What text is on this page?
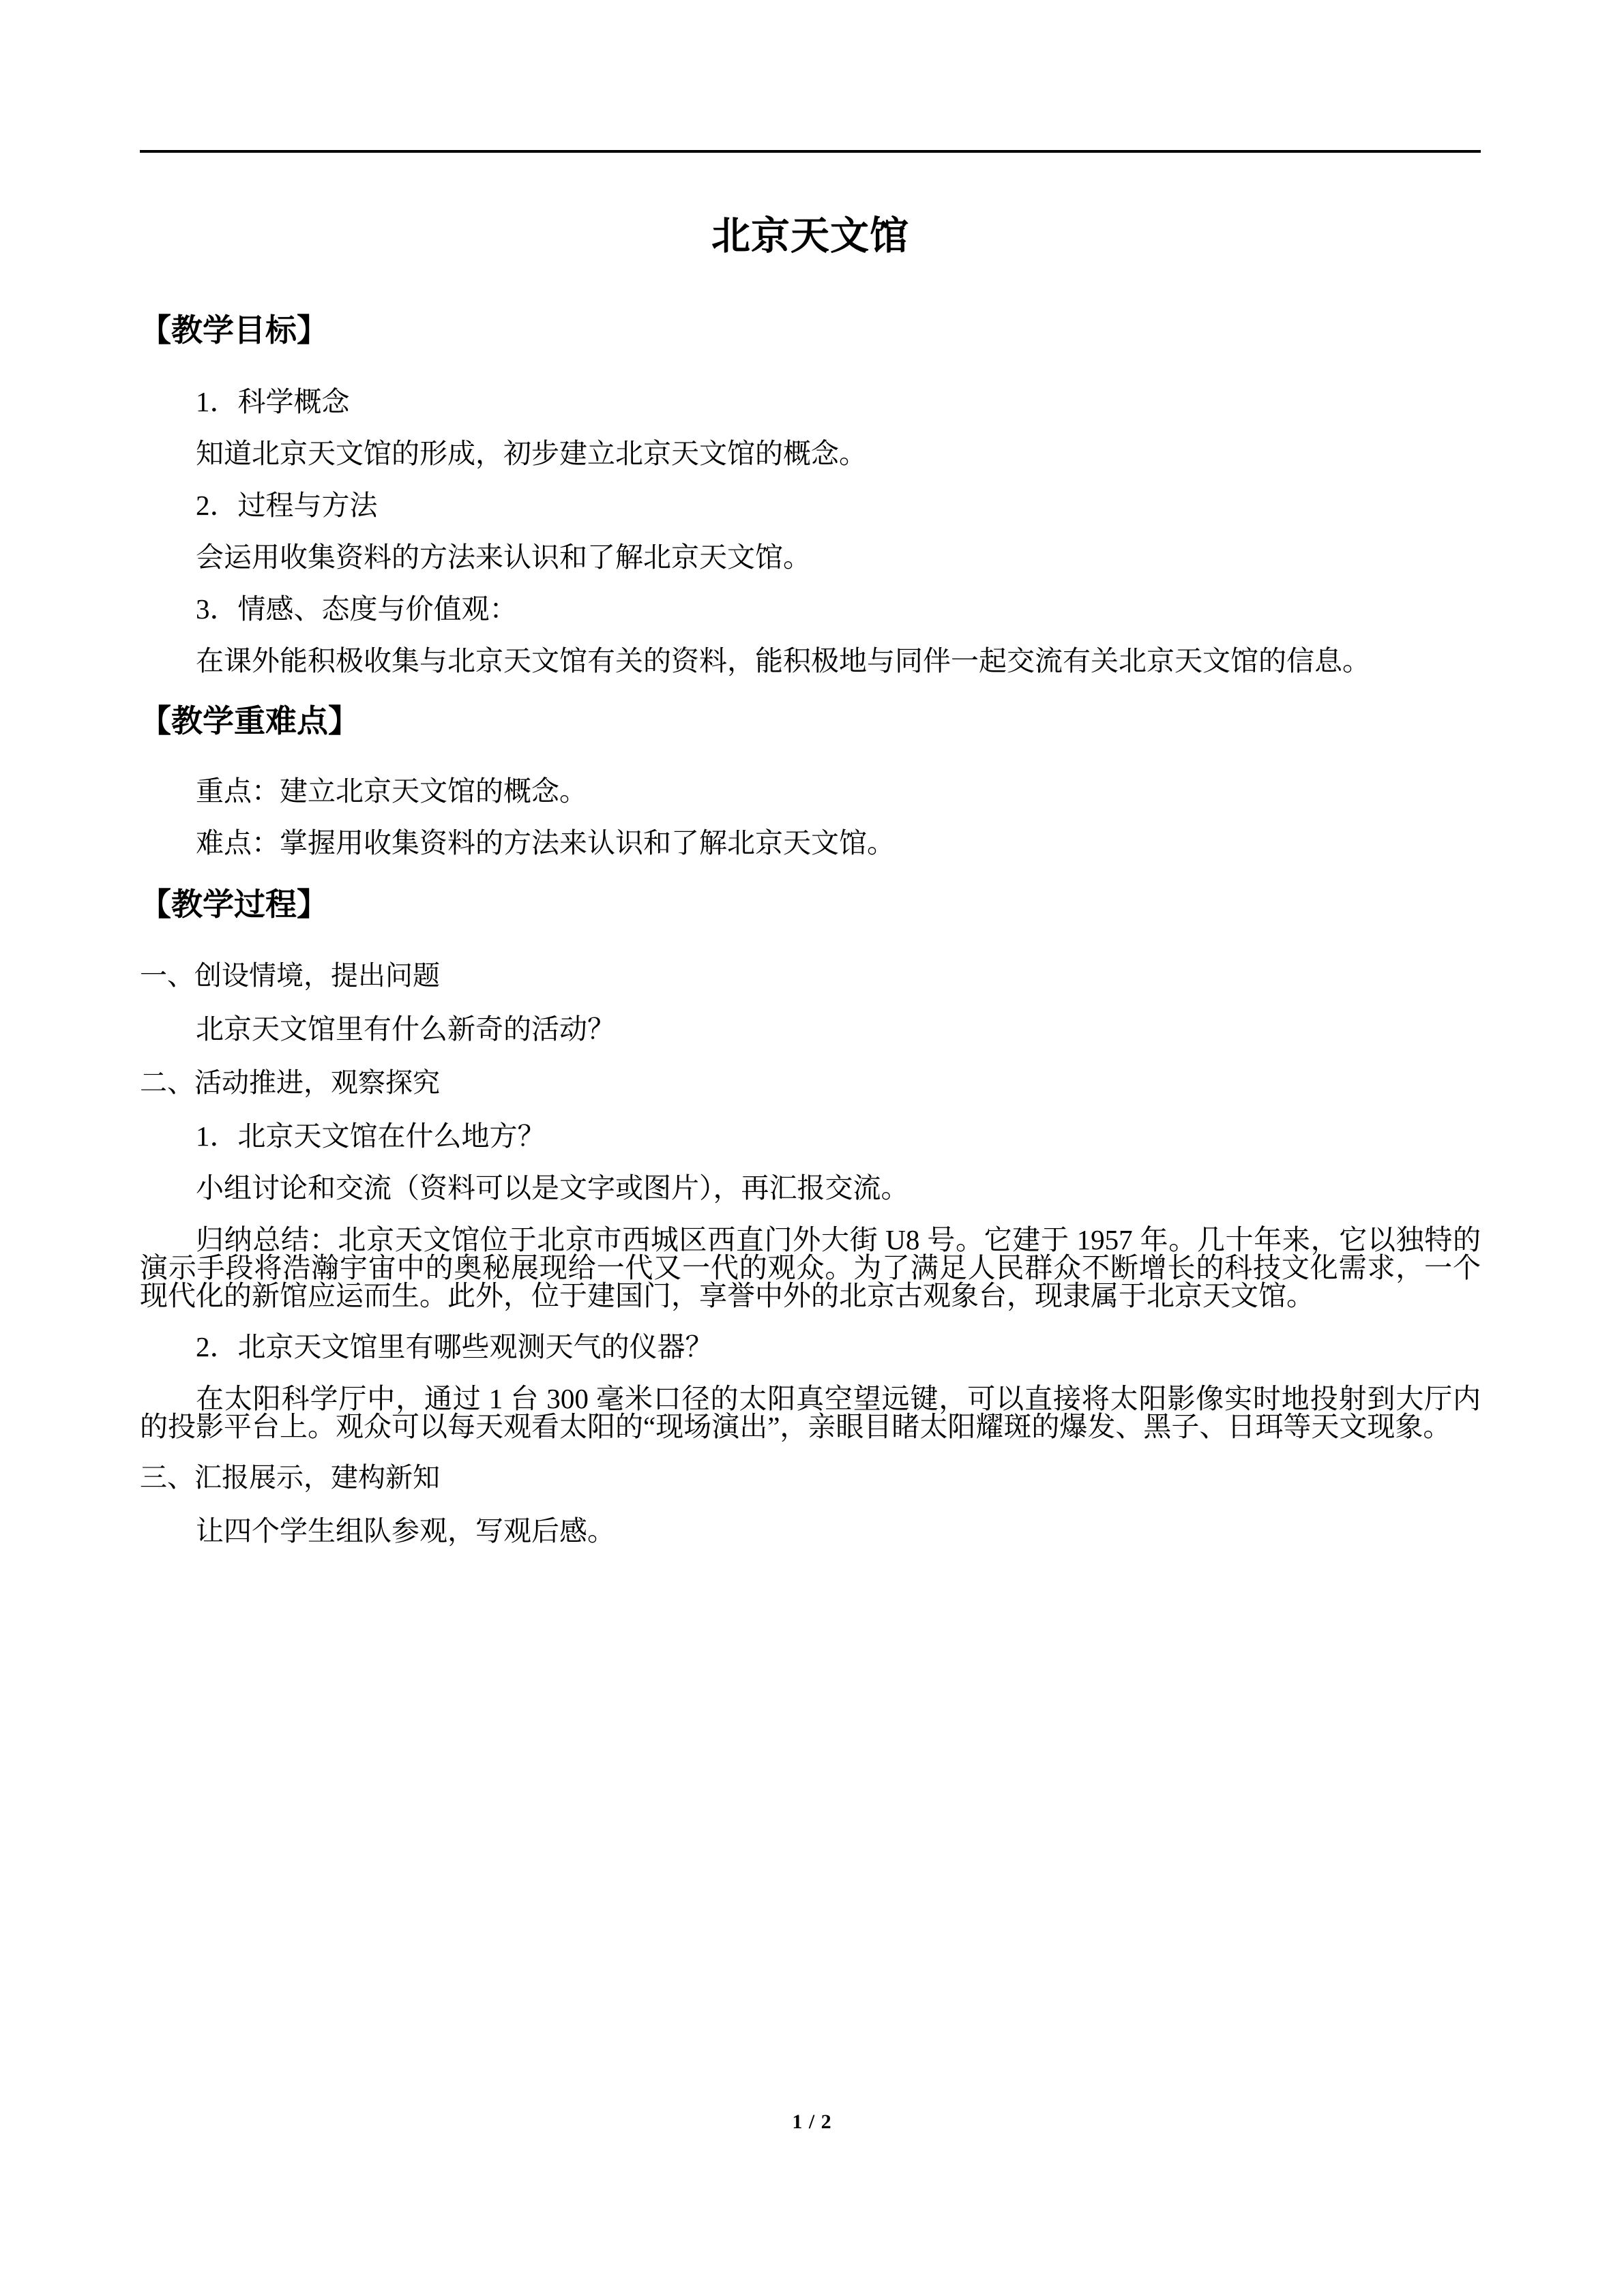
北京天文馆
【教学目标】
1．科学概念
知道北京天文馆的形成，初步建立北京天文馆的概念。
2．过程与方法
会运用收集资料的方法来认识和了解北京天文馆。
3．情感、态度与价值观：
在课外能积极收集与北京天文馆有关的资料，能积极地与同伴一起交流有关北京天文馆的信息。
【教学重难点】
重点：建立北京天文馆的概念。
难点：掌握用收集资料的方法来认识和了解北京天文馆。
【教学过程】
一、创设情境，提出问题
北京天文馆里有什么新奇的活动？
二、活动推进，观察探究
1．北京天文馆在什么地方？
小组讨论和交流（资料可以是文字或图片），再汇报交流。
归纳总结：北京天文馆位于北京市西城区西直门外大街 U8 号。它建于 1957 年。几十年来，它以独特的演示手段将浩瀚宇宙中的奥秘展现给一代又一代的观众。为了满足人民群众不断增长的科技文化需求，一个现代化的新馆应运而生。此外，位于建国门，享誉中外的北京古观象台，现隶属于北京天文馆。
2．北京天文馆里有哪些观测天气的仪器？
在太阳科学厅中，通过 1 台 300 毫米口径的太阳真空望远键，可以直接将太阳影像实时地投射到大厅内的投影平台上。观众可以每天观看太阳的“现场演出”，亲眼目睹太阳耀斑的爆发、黑子、日珥等天文现象。
三、汇报展示，建构新知
让四个学生组队参观，写观后感。
1 / 2
